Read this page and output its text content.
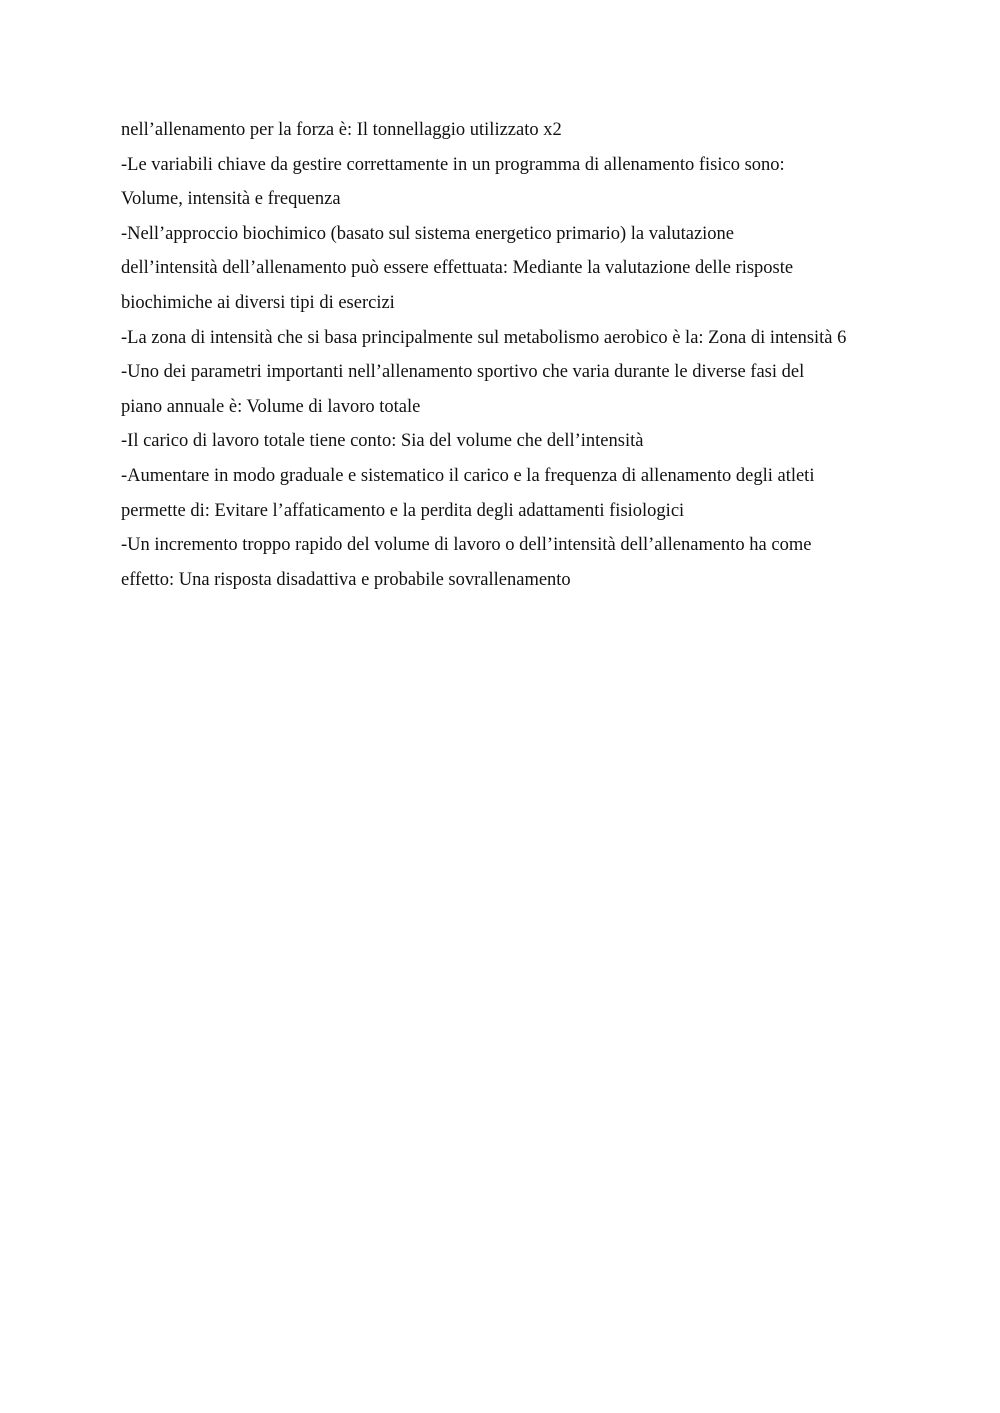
nell’allenamento per la forza è: Il tonnellaggio utilizzato x2
-Le variabili chiave da gestire correttamente in un programma di allenamento fisico sono:
Volume, intensità e frequenza
-Nell’approccio biochimico (basato sul sistema energetico primario) la valutazione
dell’intensità dell’allenamento può essere effettuata: Mediante la valutazione delle risposte
biochimiche ai diversi tipi di esercizi
-La zona di intensità che si basa principalmente sul metabolismo aerobico è la: Zona di intensità 6
-Uno dei parametri importanti nell’allenamento sportivo che varia durante le diverse fasi del
piano annuale è: Volume di lavoro totale
-Il carico di lavoro totale tiene conto: Sia del volume che dell’intensità
-Aumentare in modo graduale e sistematico il carico e la frequenza di allenamento degli atleti
permette di: Evitare l’affaticamento e la perdita degli adattamenti fisiologici
-Un incremento troppo rapido del volume di lavoro o dell’intensità dell’allenamento ha come
effetto: Una risposta disadattiva e probabile sovrallenamento
